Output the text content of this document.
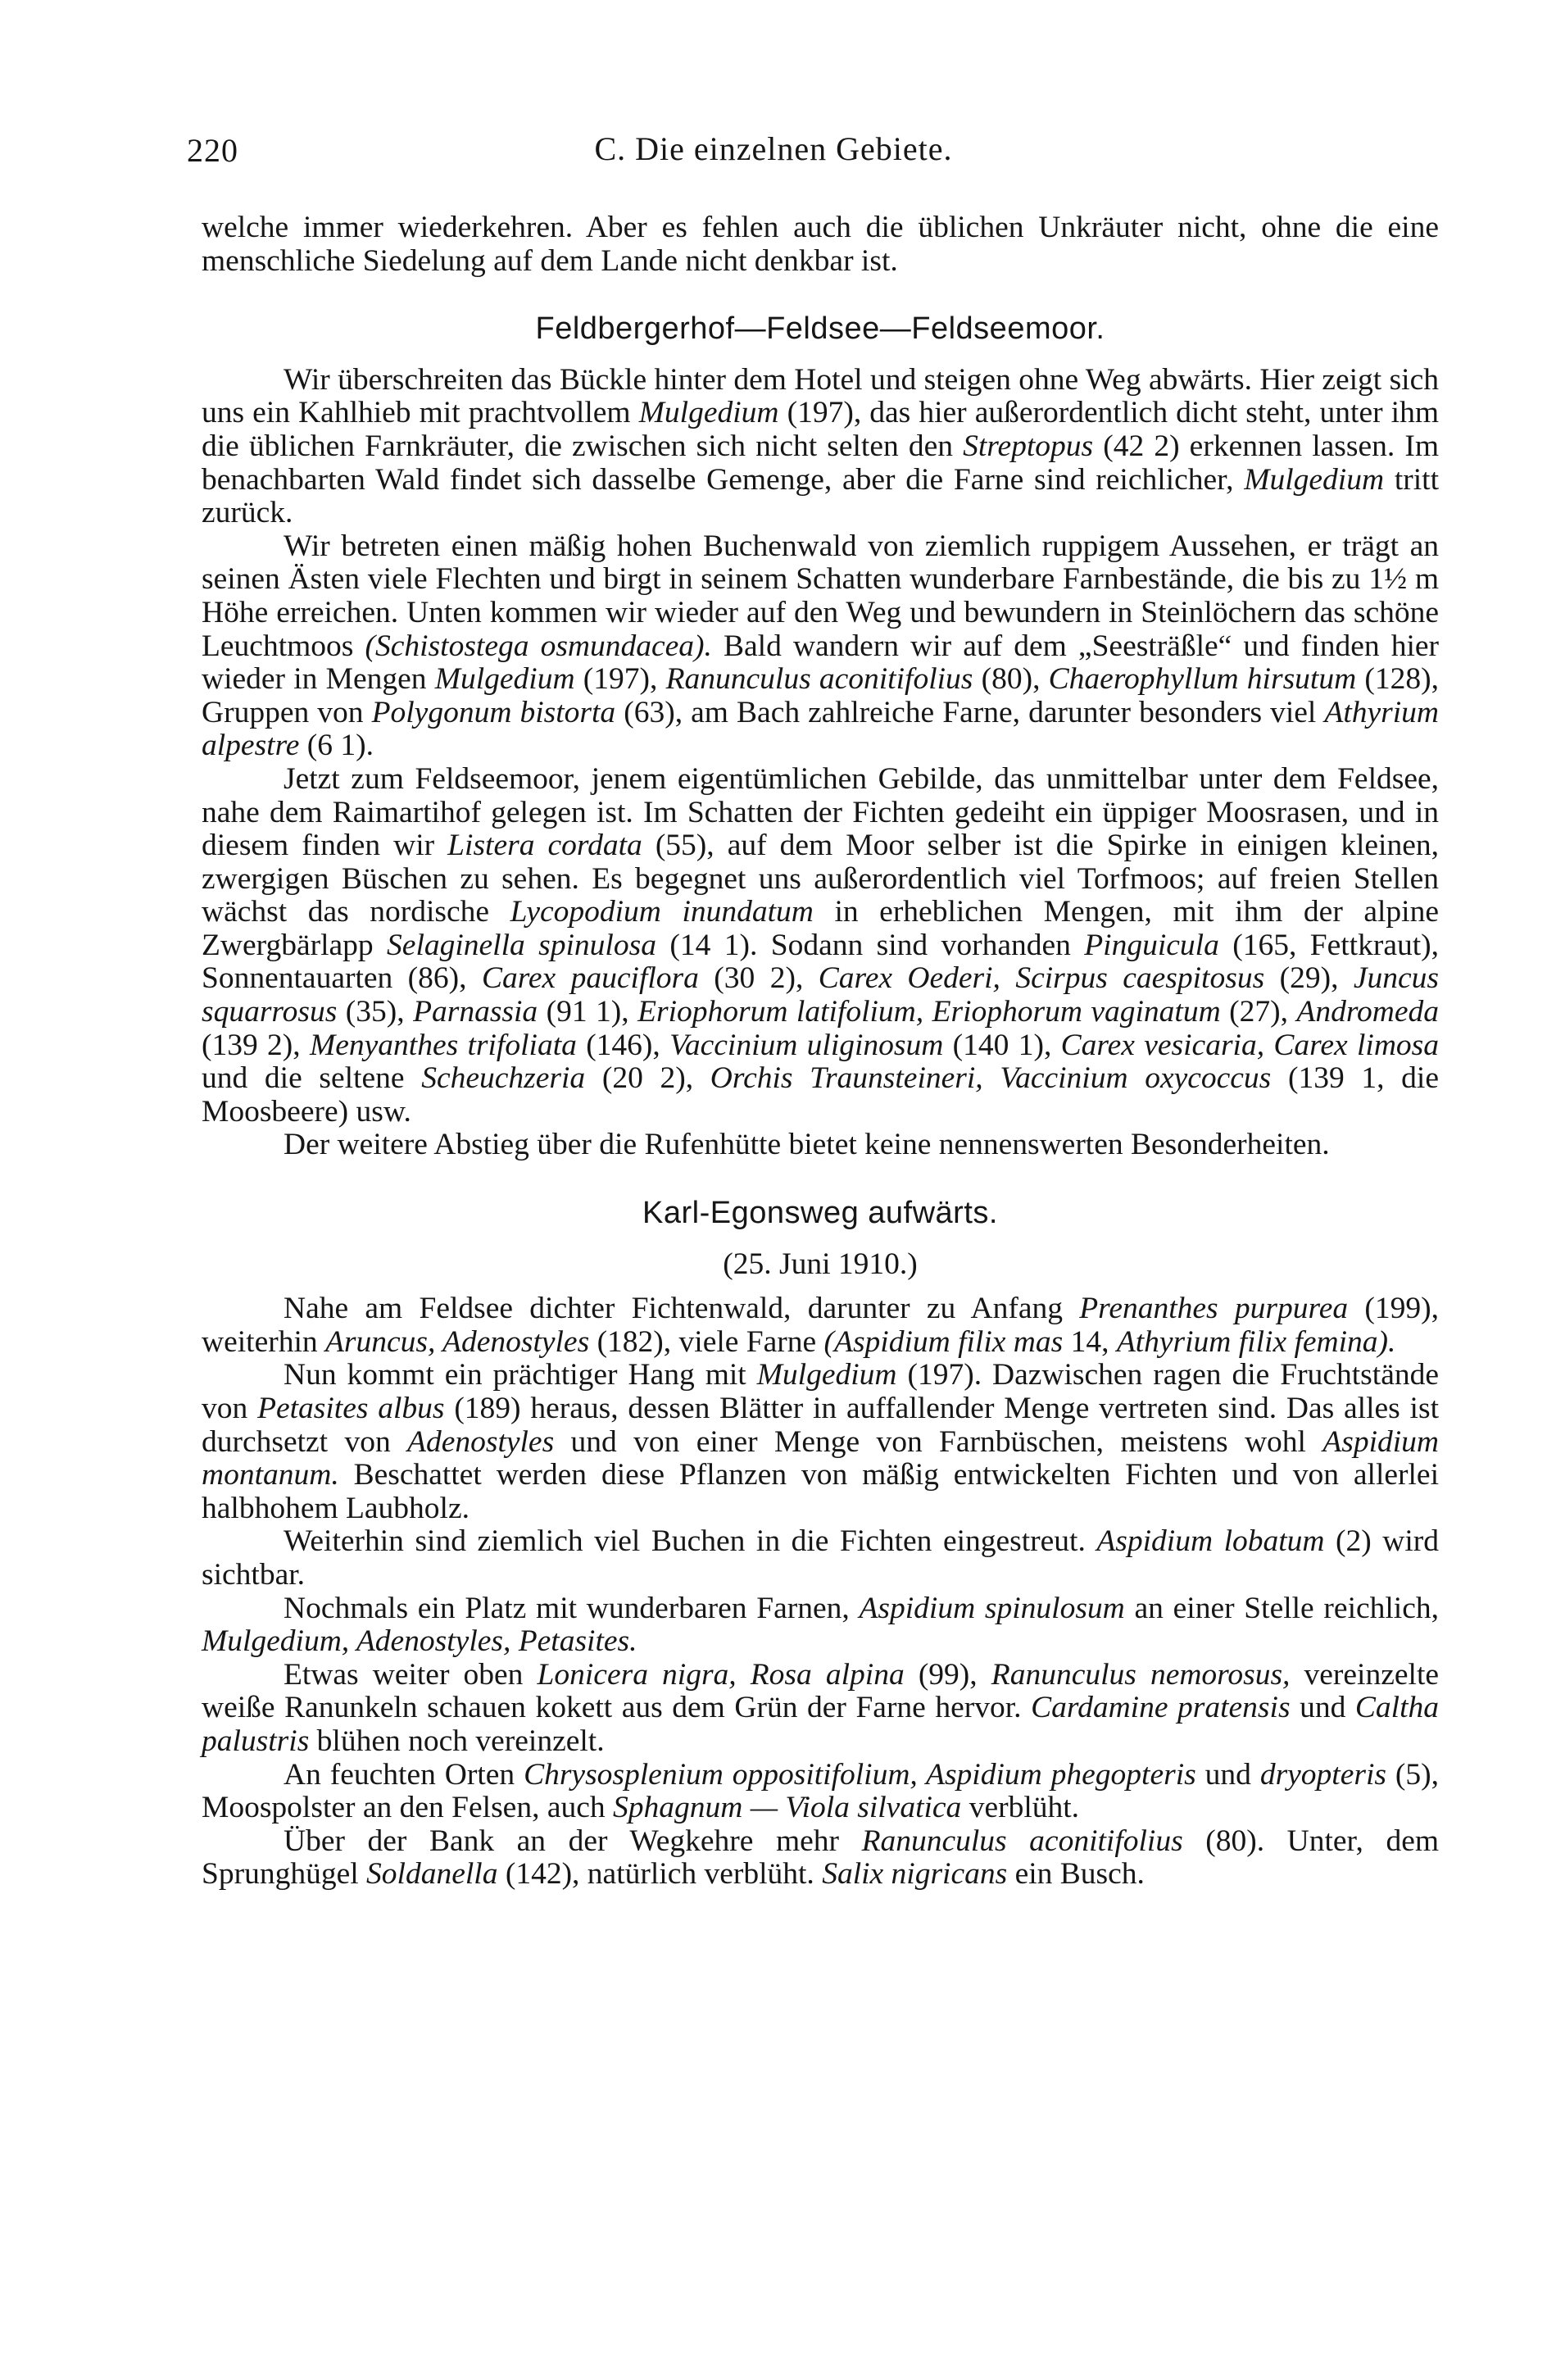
220	C. Die einzelnen Gebiete.

welche immer wiederkehren. Aber es fehlen auch die üblichen Unkräuter nicht, ohne die eine menschliche Siedelung auf dem Lande nicht denkbar ist.

Feldbergerhof—Feldsee—Feldseemoor.

Wir überschreiten das Bückle hinter dem Hotel und steigen ohne Weg abwärts. Hier zeigt sich uns ein Kahlhieb mit prachtvollem Mulgedium (197), das hier außerordentlich dicht steht, unter ihm die üblichen Farnkräuter, die zwischen sich nicht selten den Streptopus (42 2) erkennen lassen. Im benachbarten Wald findet sich dasselbe Gemenge, aber die Farne sind reichlicher, Mulgedium tritt zurück.

Wir betreten einen mäßig hohen Buchenwald von ziemlich ruppigem Aussehen, er trägt an seinen Ästen viele Flechten und birgt in seinem Schatten wunderbare Farnbestände, die bis zu 1½ m Höhe erreichen. Unten kommen wir wieder auf den Weg und bewundern in Steinlöchern das schöne Leuchtmoos (Schistostega osmundacea). Bald wandern wir auf dem „Seesträßle“ und finden hier wieder in Mengen Mulgedium (197), Ranunculus aconitifolius (80), Chaerophyllum hirsutum (128), Gruppen von Polygonum bistorta (63), am Bach zahlreiche Farne, darunter besonders viel Athyrium alpestre (6 1).

Jetzt zum Feldseemoor, jenem eigentümlichen Gebilde, das unmittelbar unter dem Feldsee, nahe dem Raimartihof gelegen ist. Im Schatten der Fichten gedeiht ein üppiger Moosrasen, und in diesem finden wir Listera cordata (55), auf dem Moor selber ist die Spirke in einigen kleinen, zwergigen Büschen zu sehen. Es begegnet uns außerordentlich viel Torfmoos; auf freien Stellen wächst das nordische Lycopodium inundatum in erheblichen Mengen, mit ihm der alpine Zwergbärlapp Selaginella spinulosa (14 1). Sodann sind vorhanden Pinguicula (165, Fettkraut), Sonnentauarten (86), Carex pauciflora (30 2), Carex Oederi, Scirpus caespitosus (29), Juncus squarrosus (35), Parnassia (91 1), Eriophorum latifolium, Eriophorum vaginatum (27), Andromeda (139 2), Menyanthes trifoliata (146), Vaccinium uliginosum (140 1), Carex vesicaria, Carex limosa und die seltene Scheuchzeria (20 2), Orchis Traunsteineri, Vaccinium oxycoccus (139 1, die Moosbeere) usw.

Der weitere Abstieg über die Rufenhütte bietet keine nennenswerten Besonderheiten.

Karl-Egonsweg aufwärts.

(25. Juni 1910.)

Nahe am Feldsee dichter Fichtenwald, darunter zu Anfang Prenanthes purpurea (199), weiterhin Aruncus, Adenostyles (182), viele Farne (Aspidium filix mas 14, Athyrium filix femina).

Nun kommt ein prächtiger Hang mit Mulgedium (197). Dazwischen ragen die Fruchtstände von Petasites albus (189) heraus, dessen Blätter in auffallender Menge vertreten sind. Das alles ist durchsetzt von Adenostyles und von einer Menge von Farnbüschen, meistens wohl Aspidium montanum. Beschattet werden diese Pflanzen von mäßig entwickelten Fichten und von allerlei halbhohem Laubholz.

Weiterhin sind ziemlich viel Buchen in die Fichten eingestreut. Aspidium lobatum (2) wird sichtbar.

Nochmals ein Platz mit wunderbaren Farnen, Aspidium spinulosum an einer Stelle reichlich, Mulgedium, Adenostyles, Petasites.

Etwas weiter oben Lonicera nigra, Rosa alpina (99), Ranunculus nemorosus, vereinzelte weiße Ranunkeln schauen kokett aus dem Grün der Farne hervor. Cardamine pratensis und Caltha palustris blühen noch vereinzelt.

An feuchten Orten Chrysosplenium oppositifolium, Aspidium phegopteris und dryopteris (5), Moospolster an den Felsen, auch Sphagnum — Viola silvatica verblüht.

Über der Bank an der Wegkehre mehr Ranunculus aconitifolius (80). Unter, dem Sprunghügel Soldanella (142), natürlich verblüht. Salix nigricans ein Busch.
